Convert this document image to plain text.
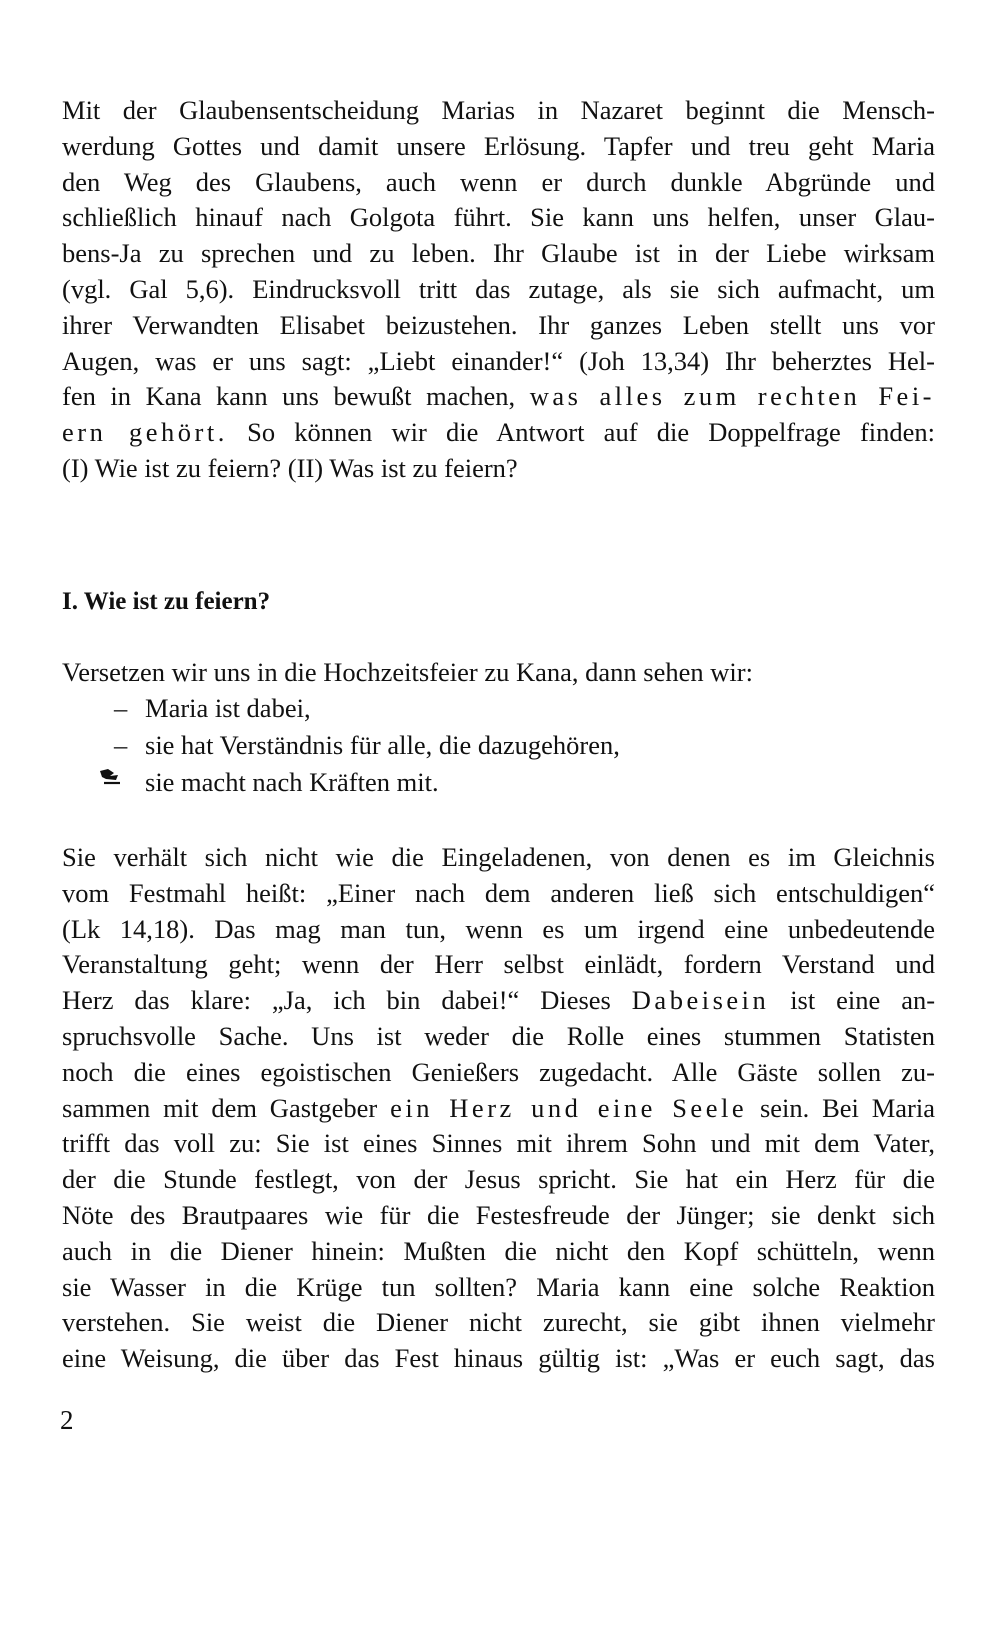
Mit der Glaubensentscheidung Marias in Nazaret beginnt die Mensch-
werdung Gottes und damit unsere Erlösung. Tapfer und treu geht Maria
den Weg des Glaubens, auch wenn er durch dunkle Abgründe und
schließlich hinauf nach Golgota führt. Sie kann uns helfen, unser Glau-
bens-Ja zu sprechen und zu leben. Ihr Glaube ist in der Liebe wirksam
(vgl. Gal 5,6). Eindrucksvoll tritt das zutage, als sie sich aufmacht, um
ihrer Verwandten Elisabet beizustehen. Ihr ganzes Leben stellt uns vor
Augen, was er uns sagt: „Liebt einander!“ (Joh 13,34) Ihr beherztes Hel-
fen in Kana kann uns bewußt machen, was alles zum rechten Fei-
ern gehört. So können wir die Antwort auf die Doppelfrage finden:
(I) Wie ist zu feiern? (II) Was ist zu feiern?
I. Wie ist zu feiern?
Versetzen wir uns in die Hochzeitsfeier zu Kana, dann sehen wir:
– Maria ist dabei,
– sie hat Verständnis für alle, die dazugehören,
sie macht nach Kräften mit.
Sie verhält sich nicht wie die Eingeladenen, von denen es im Gleichnis
vom Festmahl heißt: „Einer nach dem anderen ließ sich entschuldigen“
(Lk 14,18). Das mag man tun, wenn es um irgend eine unbedeutende
Veranstaltung geht; wenn der Herr selbst einlädt, fordern Verstand und
Herz das klare: „Ja, ich bin dabei!“ Dieses Dabeisein ist eine an-
spruchsvolle Sache. Uns ist weder die Rolle eines stummen Statisten
noch die eines egoistischen Genießers zugedacht. Alle Gäste sollen zu-
sammen mit dem Gastgeber ein Herz und eine Seele sein. Bei Maria
trifft das voll zu: Sie ist eines Sinnes mit ihrem Sohn und mit dem Vater,
der die Stunde festlegt, von der Jesus spricht. Sie hat ein Herz für die
Nöte des Brautpaares wie für die Festesfreude der Jünger; sie denkt sich
auch in die Diener hinein: Mußten die nicht den Kopf schütteln, wenn
sie Wasser in die Krüge tun sollten? Maria kann eine solche Reaktion
verstehen. Sie weist die Diener nicht zurecht, sie gibt ihnen vielmehr
eine Weisung, die über das Fest hinaus gültig ist: „Was er euch sagt, das
2
